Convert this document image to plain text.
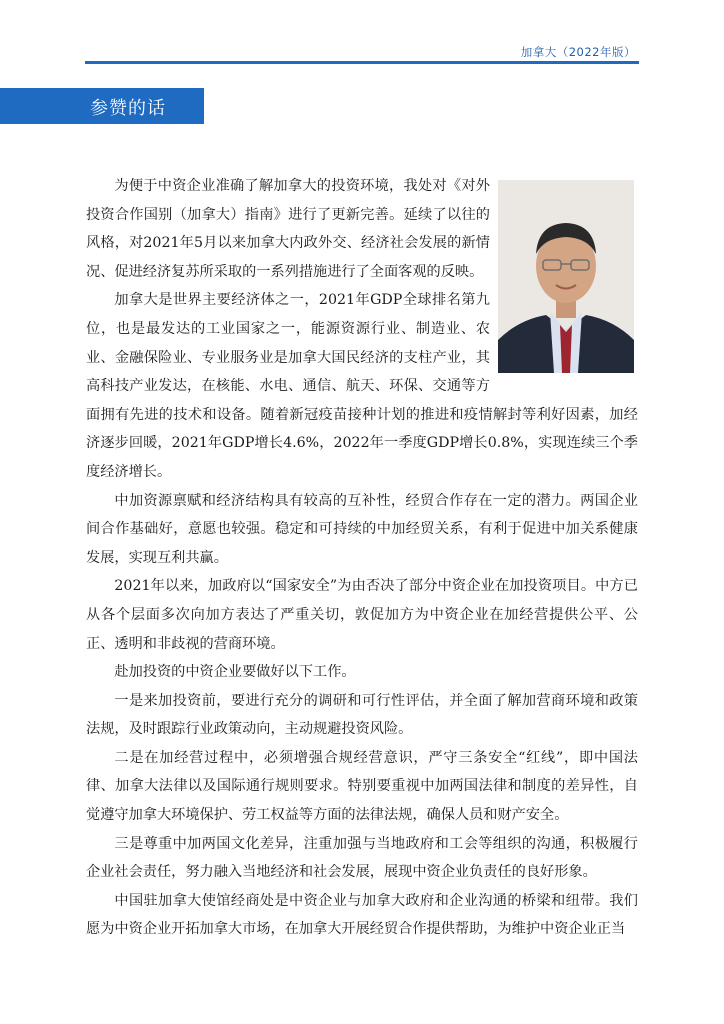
加拿大（2022年版）
参赞的话

为便于中资企业准确了解加拿大的投资环境，我处对《对外投资合作国别（加拿大）指南》进行了更新完善。延续了以往的风格，对2021年5月以来加拿大内政外交、经济社会发展的新情况、促进经济复苏所采取的一系列措施进行了全面客观的反映。

加拿大是世界主要经济体之一，2021年GDP全球排名第九位，也是最发达的工业国家之一，能源资源行业、制造业、农业、金融保险业、专业服务业是加拿大国民经济的支柱产业，其高科技产业发达，在核能、水电、通信、航天、环保、交通等方面拥有先进的技术和设备。随着新冠疫苗接种计划的推进和疫情解封等利好因素，加经济逐步回暖，2021年GDP增长4.6%，2022年一季度GDP增长0.8%，实现连续三个季度经济增长。

中加资源禀赋和经济结构具有较高的互补性，经贸合作存在一定的潜力。两国企业间合作基础好，意愿也较强。稳定和可持续的中加经贸关系，有利于促进中加关系健康发展，实现互利共赢。

2021年以来，加政府以“国家安全”为由否决了部分中资企业在加投资项目。中方已从各个层面多次向加方表达了严重关切，敦促加方为中资企业在加经营提供公平、公正、透明和非歧视的营商环境。

赴加投资的中资企业要做好以下工作。

一是来加投资前，要进行充分的调研和可行性评估，并全面了解加营商环境和政策法规，及时跟踪行业政策动向，主动规避投资风险。

二是在加经营过程中，必须增强合规经营意识，严守三条安全“红线”，即中国法律、加拿大法律以及国际通行规则要求。特别要重视中加两国法律和制度的差异性，自觉遵守加拿大环境保护、劳工权益等方面的法律法规，确保人员和财产安全。

三是尊重中加两国文化差异，注重加强与当地政府和工会等组织的沟通，积极履行企业社会责任，努力融入当地经济和社会发展，展现中资企业负责任的良好形象。

中国驻加拿大使馆经商处是中资企业与加拿大政府和企业沟通的桥梁和纽带。我们愿为中资企业开拓加拿大市场，在加拿大开展经贸合作提供帮助，为维护中资企业正当
